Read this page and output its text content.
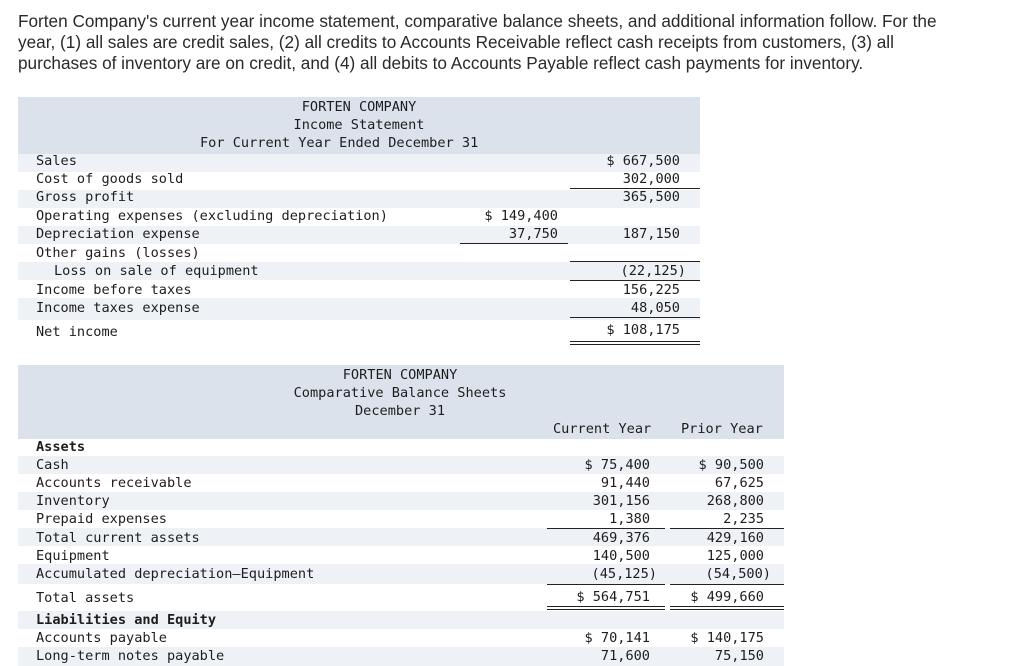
Forten Company's current year income statement, comparative balance sheets, and additional information follow. For the
year, (1) all sales are credit sales, (2) all credits to Accounts Receivable reflect cash receipts from customers, (3) all
purchases of inventory are on credit, and (4) all debits to Accounts Payable reflect cash payments for inventory.
FORTEN COMPANY
Income Statement
For Current Year Ended December 31
Sales
Cost of goods sold
Gross profit
Operating expenses (excluding depreciation)
Depreciation expense
Other gains (losses)
Loss on sale of equipment
Income before taxes
Income taxes expense
Net income
$ 149,400
37,750
$ 667,500
302,000
365,500
187,150
(22,125)
156,225
48,050
$ 108,175
FORTEN COMPANY
Comparative Balance Sheets
December 31
Current Year Prior Year
Assets
Cash
Accounts receivable
Inventory
Prepaid expenses
Total current assets
Equipment
Accumulated depreciation—Equipment
Total assets
$ 75,400
91,440
301,156
1,380
469,376
140,500
(45,125)
$ 564,751
$ 90,500
67,625
268,800
2,235
429,160
125,000
(54,500)
$ 499,660
Liabilities and Equity
Accounts payable
Long-term notes payable
$ 70,141
71,600
$ 140,175
75,150
